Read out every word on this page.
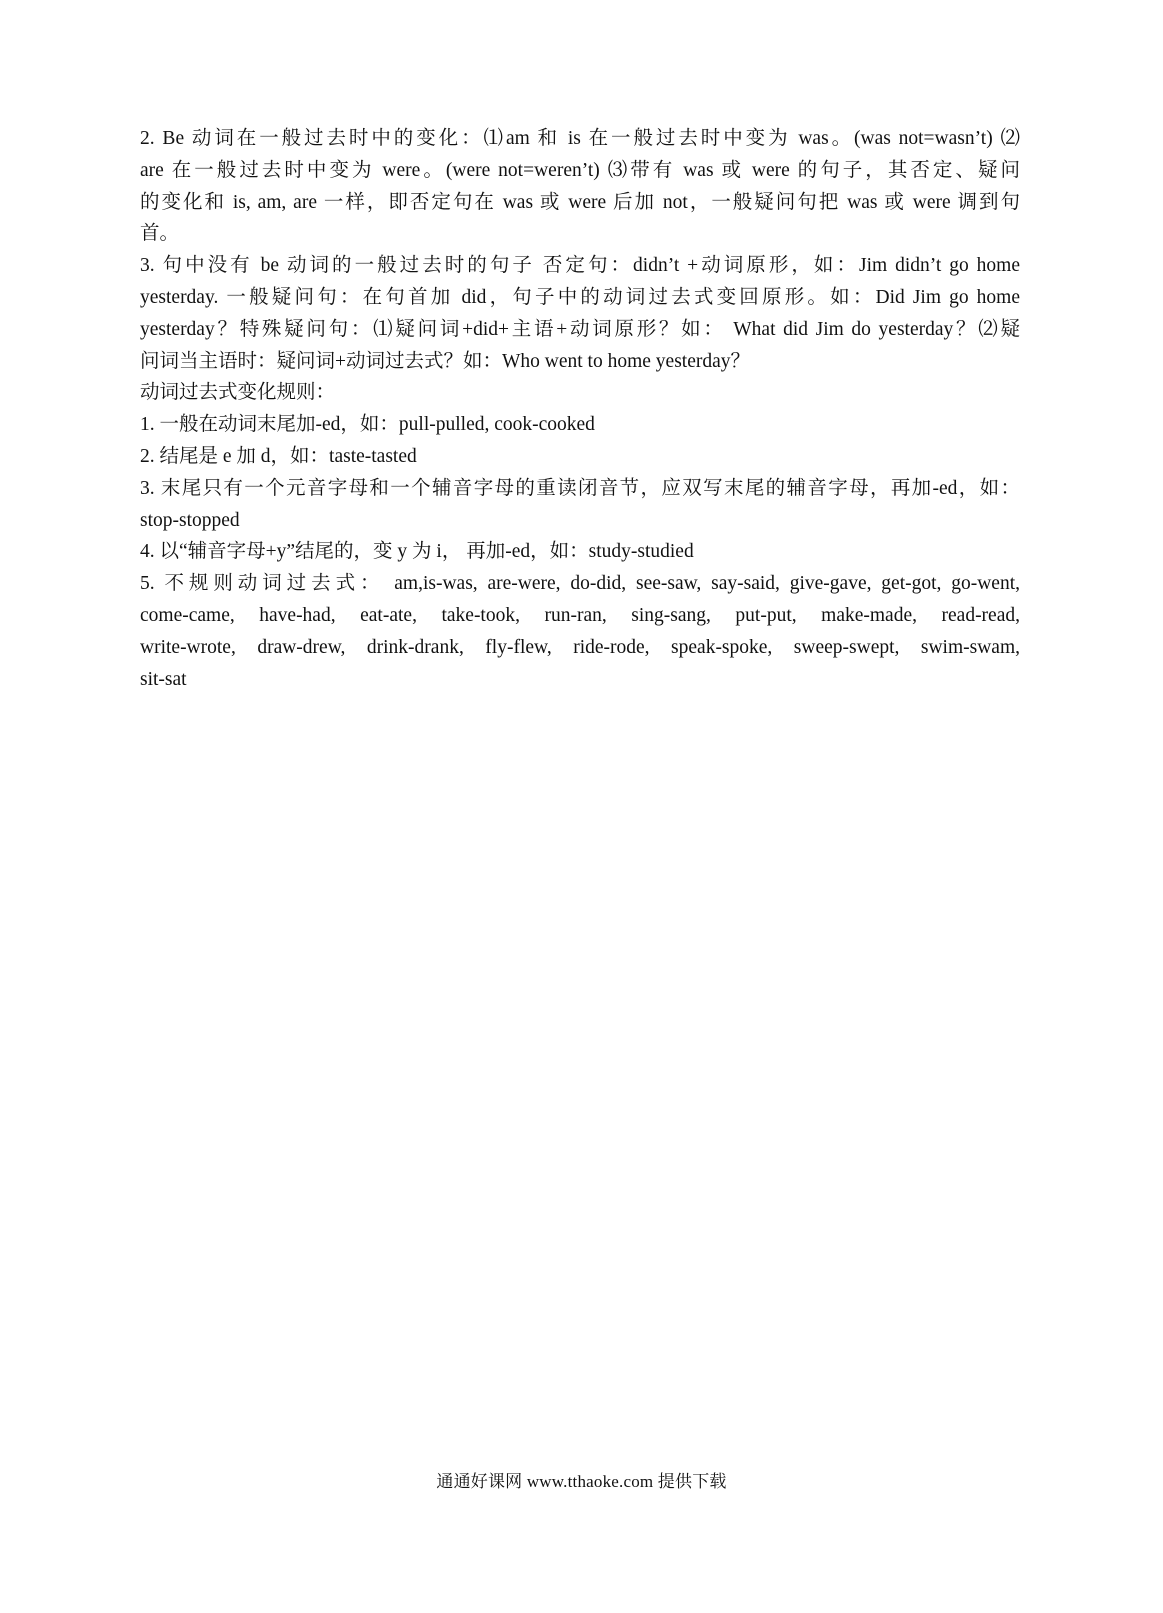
2. Be 动词在一般过去时中的变化：⑴am 和 is 在一般过去时中变为 was。(was not=wasn’t) ⑵
are 在一般过去时中变为 were。(were not=weren’t) ⑶带有 was 或 were 的句子，其否定、疑问
的变化和 is, am, are 一样，即否定句在 was 或 were 后加 not，一般疑问句把 was 或 were 调到句
首。

3. 句中没有 be 动词的一般过去时的句子 否定句：didn’t +动词原形，如：Jim didn’t go home
yesterday. 一般疑问句：在句首加 did，句子中的动词过去式变回原形。如：Did Jim go home
yesterday？特殊疑问句：⑴疑问词+did+主语+动词原形？如： What did Jim do yesterday？⑵疑
问词当主语时：疑问词+动词过去式？如：Who went to home yesterday？

动词过去式变化规则：

1. 一般在动词末尾加-ed，如：pull-pulled, cook-cooked

2. 结尾是 e 加 d，如：taste-tasted

3. 末尾只有一个元音字母和一个辅音字母的重读闭音节，应双写末尾的辅音字母，再加-ed，如：
stop-stopped

4. 以“辅音字母+y”结尾的，变 y 为 i， 再加-ed，如：study-studied

5. 不规则动词过去式： am,is-was, are-were, do-did, see-saw, say-said, give-gave, get-got, go-went,
come-came, have-had, eat-ate, take-took, run-ran, sing-sang, put-put, make-made, read-read,
write-wrote, draw-drew, drink-drank, fly-flew, ride-rode, speak-spoke, sweep-swept, swim-swam,
sit-sat

通通好课网 www.tthaoke.com 提供下载
